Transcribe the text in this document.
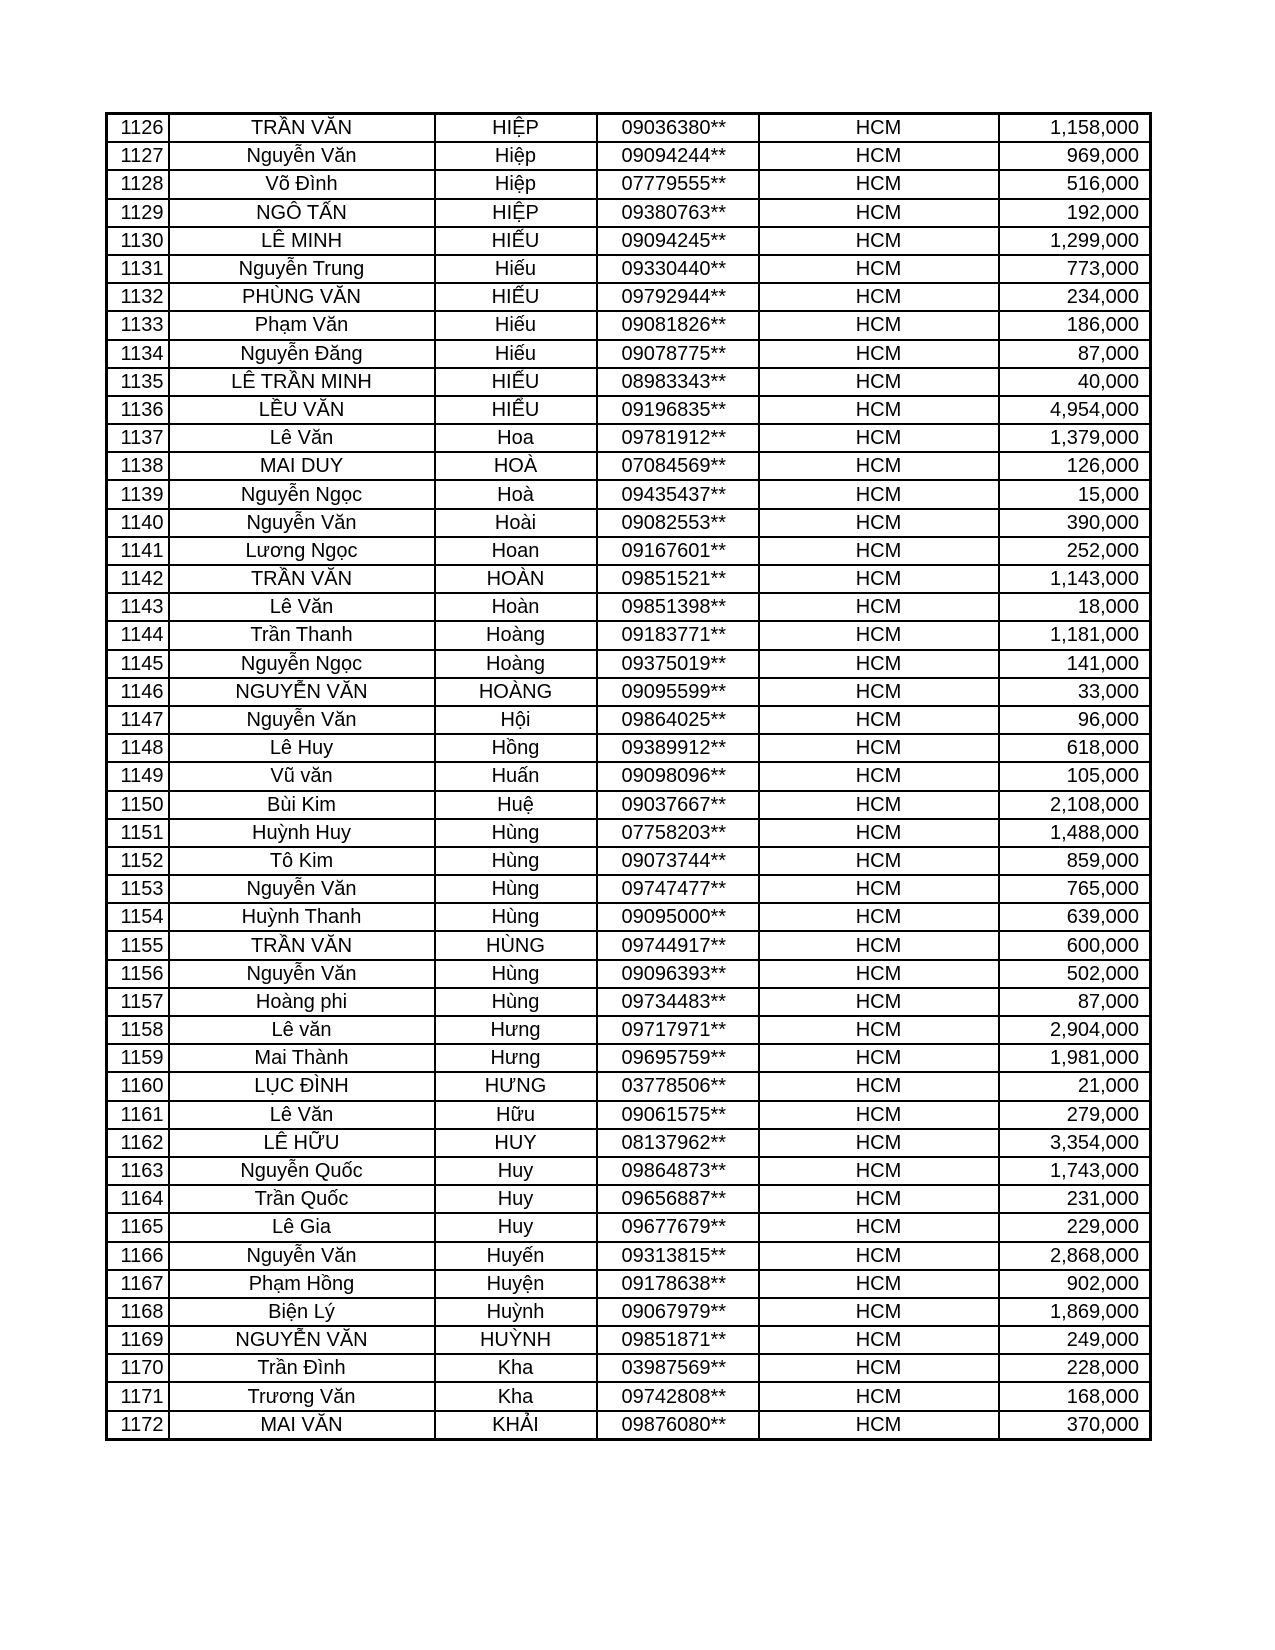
1126	TRẦN VĂN	HIỆP	09036380**	HCM	1,158,000
1127	Nguyễn Văn	Hiệp	09094244**	HCM	969,000
1128	Võ Đình	Hiệp	07779555**	HCM	516,000
1129	NGÔ TẤN	HIỆP	09380763**	HCM	192,000
1130	LÊ MINH	HIẾU	09094245**	HCM	1,299,000
1131	Nguyễn Trung	Hiếu	09330440**	HCM	773,000
1132	PHÙNG VĂN	HIẾU	09792944**	HCM	234,000
1133	Phạm Văn	Hiếu	09081826**	HCM	186,000
1134	Nguyễn Đăng	Hiếu	09078775**	HCM	87,000
1135	LÊ TRẦN MINH	HIẾU	08983343**	HCM	40,000
1136	LỀU VĂN	HIỂU	09196835**	HCM	4,954,000
1137	Lê Văn	Hoa	09781912**	HCM	1,379,000
1138	MAI DUY	HOÀ	07084569**	HCM	126,000
1139	Nguyễn Ngọc	Hoà	09435437**	HCM	15,000
1140	Nguyễn Văn	Hoài	09082553**	HCM	390,000
1141	Lương Ngọc	Hoan	09167601**	HCM	252,000
1142	TRẦN VĂN	HOÀN	09851521**	HCM	1,143,000
1143	Lê Văn	Hoàn	09851398**	HCM	18,000
1144	Trần Thanh	Hoàng	09183771**	HCM	1,181,000
1145	Nguyễn Ngọc	Hoàng	09375019**	HCM	141,000
1146	NGUYỄN VĂN	HOÀNG	09095599**	HCM	33,000
1147	Nguyễn Văn	Hội	09864025**	HCM	96,000
1148	Lê Huy	Hồng	09389912**	HCM	618,000
1149	Vũ văn	Huấn	09098096**	HCM	105,000
1150	Bùi Kim	Huệ	09037667**	HCM	2,108,000
1151	Huỳnh Huy	Hùng	07758203**	HCM	1,488,000
1152	Tô Kim	Hùng	09073744**	HCM	859,000
1153	Nguyễn Văn	Hùng	09747477**	HCM	765,000
1154	Huỳnh Thanh	Hùng	09095000**	HCM	639,000
1155	TRẦN VĂN	HÙNG	09744917**	HCM	600,000
1156	Nguyễn Văn	Hùng	09096393**	HCM	502,000
1157	Hoàng phi	Hùng	09734483**	HCM	87,000
1158	Lê văn	Hưng	09717971**	HCM	2,904,000
1159	Mai Thành	Hưng	09695759**	HCM	1,981,000
1160	LỤC ĐÌNH	HƯNG	03778506**	HCM	21,000
1161	Lê Văn	Hữu	09061575**	HCM	279,000
1162	LÊ HỮU	HUY	08137962**	HCM	3,354,000
1163	Nguyễn Quốc	Huy	09864873**	HCM	1,743,000
1164	Trần Quốc	Huy	09656887**	HCM	231,000
1165	Lê Gia	Huy	09677679**	HCM	229,000
1166	Nguyễn Văn	Huyến	09313815**	HCM	2,868,000
1167	Phạm Hồng	Huyện	09178638**	HCM	902,000
1168	Biện Lý	Huỳnh	09067979**	HCM	1,869,000
1169	NGUYỄN VĂN	HUỲNH	09851871**	HCM	249,000
1170	Trần Đình	Kha	03987569**	HCM	228,000
1171	Trương Văn	Kha	09742808**	HCM	168,000
1172	MAI VĂN	KHẢI	09876080**	HCM	370,000
